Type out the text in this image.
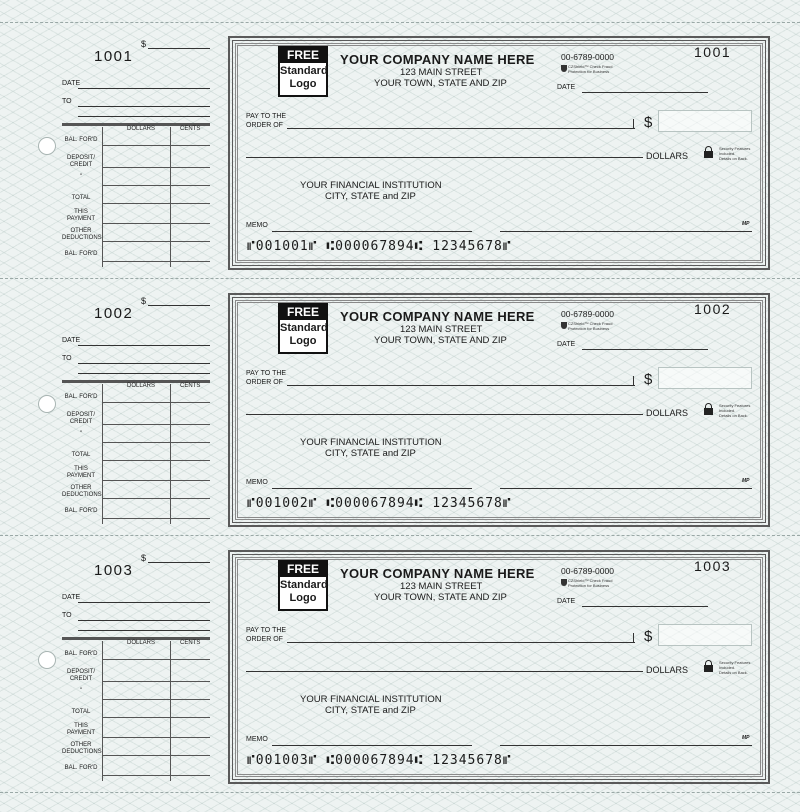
$
1001
DATE
TO
DOLLARS	CENTS
BAL. FOR'D
DEPOSIT/ CREDIT
"
TOTAL
THIS PAYMENT
OTHER DEDUCTIONS
BAL. FOR'D
FREE
Standard
Logo
YOUR COMPANY NAME HERE
123 MAIN STREET
YOUR TOWN, STATE AND ZIP
00-6789-0000
CZShield™ Check Fraud
Protection for Business
1001
DATE
PAY TO THE
ORDER OF	$
DOLLARS
Security Features
Included.
Details on Back.
YOUR FINANCIAL INSTITUTION
CITY, STATE and ZIP
MEMO	MP
⑈001001⑈ ⑆000067894⑆ 12345678⑈
$
1002
DATE
TO
DOLLARS	CENTS
BAL. FOR'D
DEPOSIT/ CREDIT
"
TOTAL
THIS PAYMENT
OTHER DEDUCTIONS
BAL. FOR'D
FREE
Standard
Logo
YOUR COMPANY NAME HERE
123 MAIN STREET
YOUR TOWN, STATE AND ZIP
00-6789-0000
CZShield™ Check Fraud
Protection for Business
1002
DATE
PAY TO THE
ORDER OF	$
DOLLARS
Security Features
Included.
Details on Back.
YOUR FINANCIAL INSTITUTION
CITY, STATE and ZIP
MEMO	MP
⑈001002⑈ ⑆000067894⑆ 12345678⑈
$
1003
DATE
TO
DOLLARS	CENTS
BAL. FOR'D
DEPOSIT/ CREDIT
"
TOTAL
THIS PAYMENT
OTHER DEDUCTIONS
BAL. FOR'D
FREE
Standard
Logo
YOUR COMPANY NAME HERE
123 MAIN STREET
YOUR TOWN, STATE AND ZIP
00-6789-0000
CZShield™ Check Fraud
Protection for Business
1003
DATE
PAY TO THE
ORDER OF	$
DOLLARS
Security Features
Included.
Details on Back.
YOUR FINANCIAL INSTITUTION
CITY, STATE and ZIP
MEMO	MP
⑈001003⑈ ⑆000067894⑆ 12345678⑈
